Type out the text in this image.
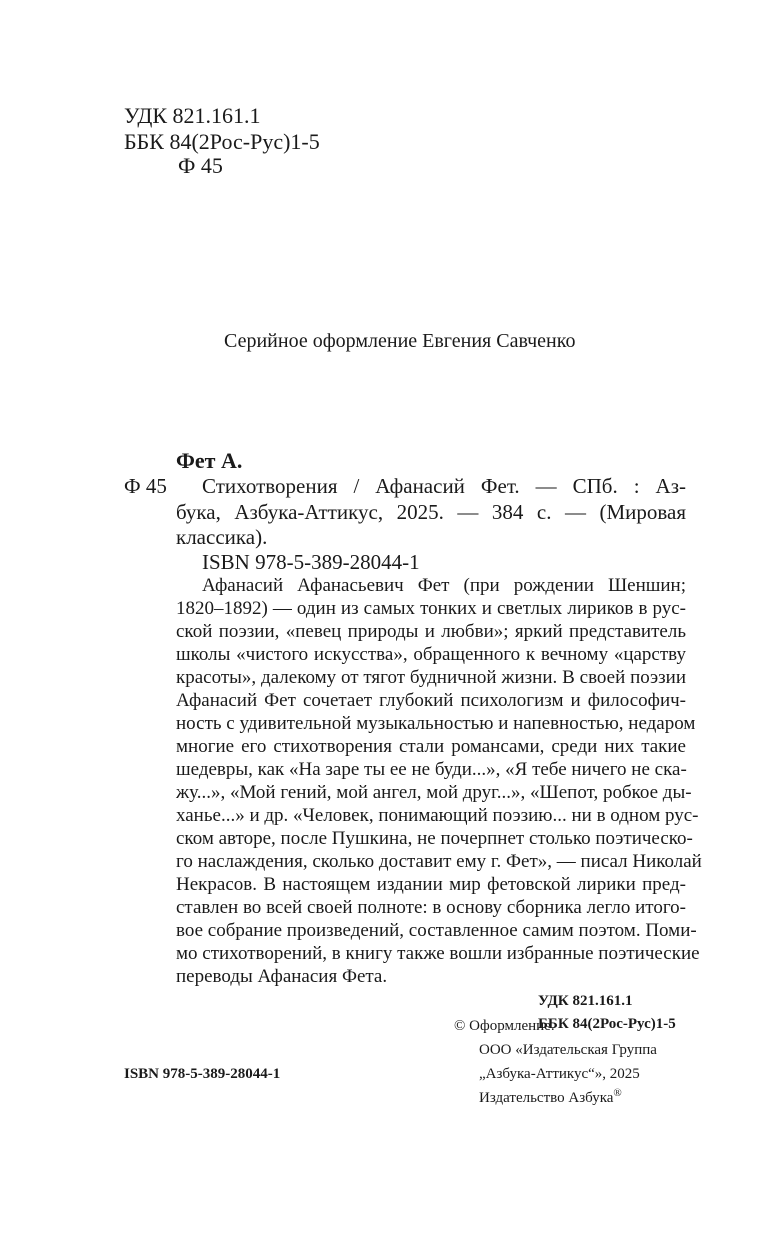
УДК 821.161.1
ББК 84(2Рос-Рус)1-5
Ф 45
Серийное оформление Евгения Савченко
Фет А.
Ф 45 Стихотворения / Афанасий Фет. — СПб. : Аз-
бука, Азбука-Аттикус, 2025. — 384 с. — (Мировая
классика).
ISBN 978-5-389-28044-1
Афанасий Афанасьевич Фет (при рождении Шеншин;
1820–1892) — один из самых тонких и светлых лириков в рус-
ской поэзии, «певец природы и любви»; яркий представитель
школы «чистого искусства», обращенного к вечному «царству
красоты», далекому от тягот будничной жизни. В своей поэзии
Афанасий Фет сочетает глубокий психологизм и философич-
ность с удивительной музыкальностью и напевностью, недаром
многие его стихотворения стали романсами, среди них такие
шедевры, как «На заре ты ее не буди...», «Я тебе ничего не ска-
жу...», «Мой гений, мой ангел, мой друг...», «Шепот, робкое ды-
ханье...» и др. «Человек, понимающий поэзию... ни в одном рус-
ском авторе, после Пушкина, не почерпнет столько поэтическо-
го наслаждения, сколько доставит ему г. Фет», — писал Николай
Некрасов. В настоящем издании мир фетовской лирики пред-
ставлен во всей своей полноте: в основу сборника легло итого-
вое собрание произведений, составленное самим поэтом. Поми-
мо стихотворений, в книгу также вошли избранные поэтические
переводы Афанасия Фета.
УДК 821.161.1
ББК 84(2Рос-Рус)1-5
ISBN 978-5-389-28044-1
© Оформление.
ООО «Издательская Группа
„Азбука-Аттикус“», 2025
Издательство Азбука®
